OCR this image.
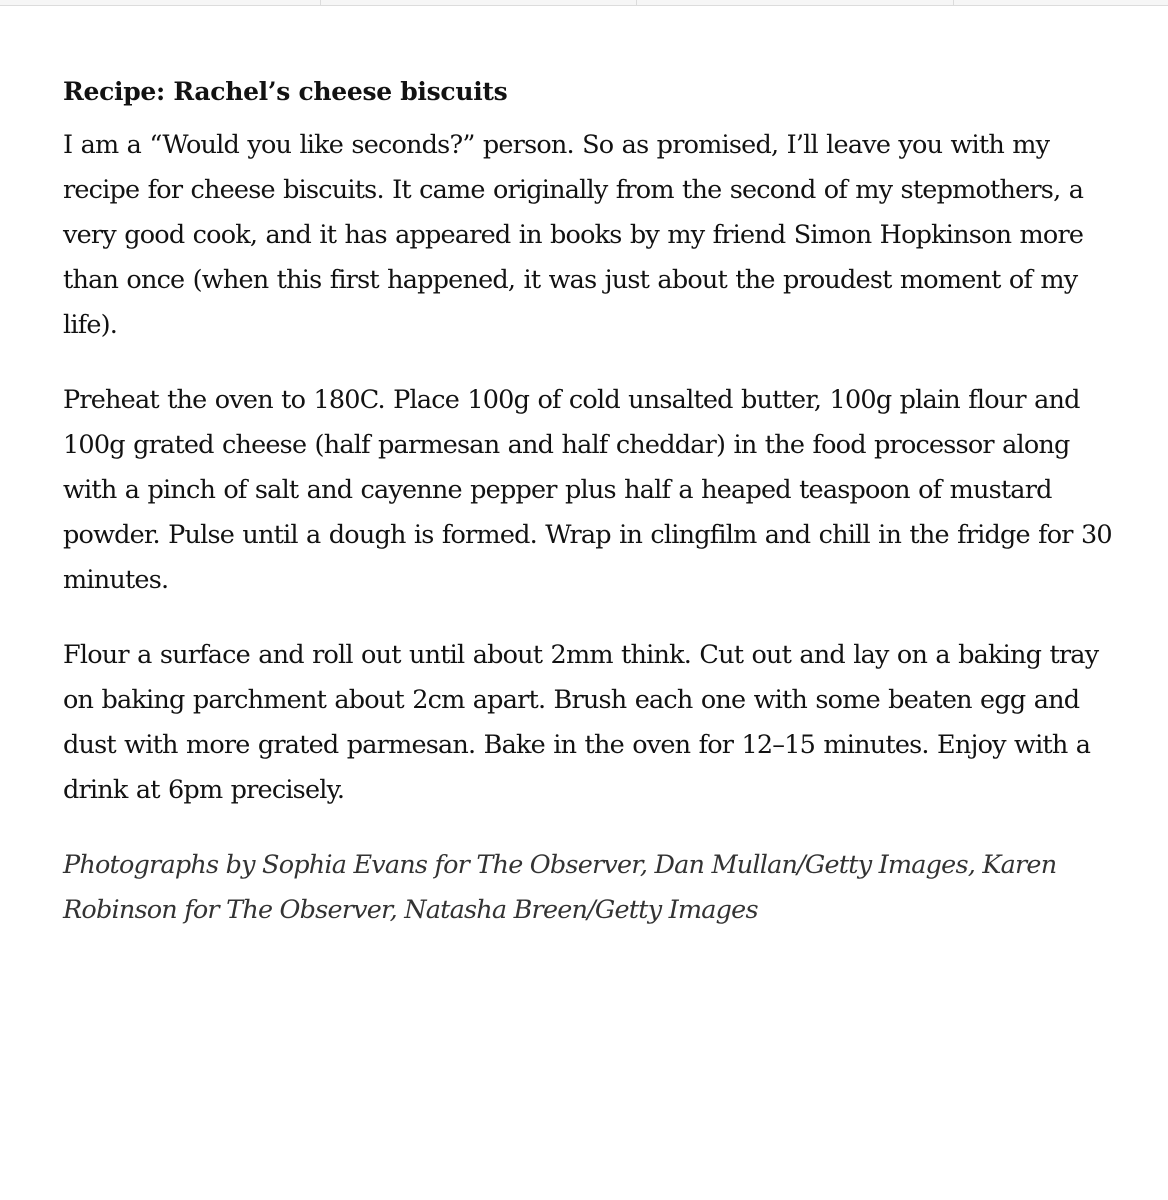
Recipe: Rachel’s cheese biscuits

I am a “Would you like seconds?” person. So as promised, I’ll leave you with my recipe for cheese biscuits. It came originally from the second of my stepmothers, a very good cook, and it has appeared in books by my friend Simon Hopkinson more than once (when this first happened, it was just about the proudest moment of my life).

Preheat the oven to 180C. Place 100g of cold unsalted butter, 100g plain flour and 100g grated cheese (half parmesan and half cheddar) in the food processor along with a pinch of salt and cayenne pepper plus half a heaped teaspoon of mustard powder. Pulse until a dough is formed. Wrap in clingfilm and chill in the fridge for 30 minutes.

Flour a surface and roll out until about 2mm think. Cut out and lay on a baking tray on baking parchment about 2cm apart. Brush each one with some beaten egg and dust with more grated parmesan. Bake in the oven for 12–15 minutes. Enjoy with a drink at 6pm precisely.

Photographs by Sophia Evans for The Observer, Dan Mullan/Getty Images, Karen Robinson for The Observer, Natasha Breen/Getty Images
